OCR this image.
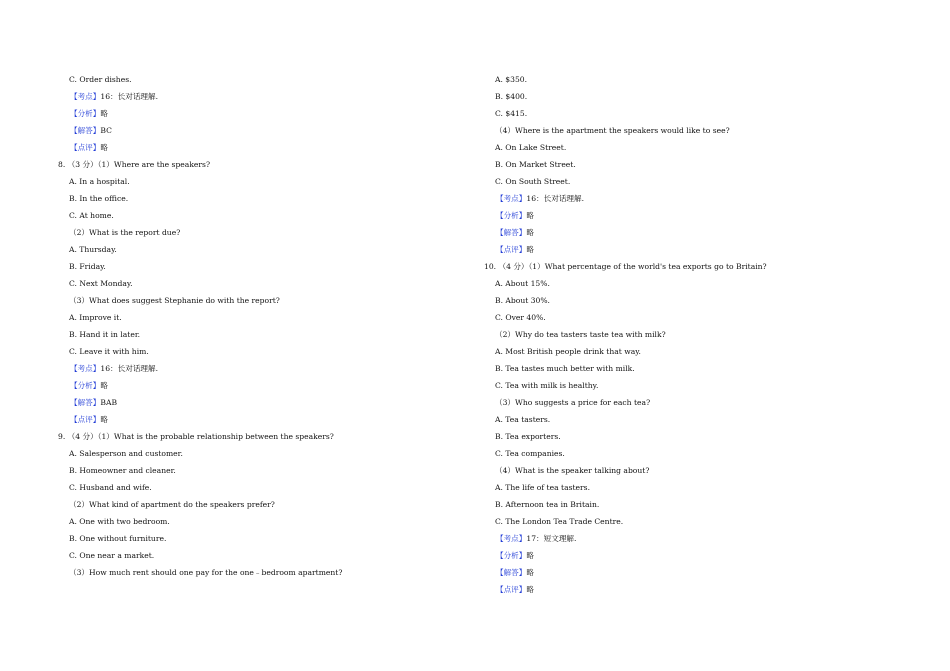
C. Order dishes.
【考点】16：长对话理解.
【分析】略
【解答】BC
【点评】略
8. （3 分）（1）Where are the speakers?
A. In a hospital.
B. In the office.
C. At home.
（2）What is the report due?
A. Thursday.
B. Friday.
C. Next Monday.
（3）What does suggest Stephanie do with the report?
A. Improve it.
B. Hand it in later.
C. Leave it with him.
【考点】16：长对话理解.
【分析】略
【解答】BAB
【点评】略
9. （4 分）（1）What is the probable relationship between the speakers?
A. Salesperson and customer.
B. Homeowner and cleaner.
C. Husband and wife.
（2）What kind of apartment do the speakers prefer?
A. One with two bedroom.
B. One without furniture.
C. One near a market.
（3）How much rent should one pay for the one﹣bedroom apartment?
A. $350.
B. $400.
C. $415.
（4）Where is the apartment the speakers would like to see?
A. On Lake Street.
B. On Market Street.
C. On South Street.
【考点】16：长对话理解.
【分析】略
【解答】略
【点评】略
10. （4 分）（1）What percentage of the world's tea exports go to Britain?
A. About 15%.
B. About 30%.
C. Over 40%.
（2）Why do tea tasters taste tea with milk?
A. Most British people drink that way.
B. Tea tastes much better with milk.
C. Tea with milk is healthy.
（3）Who suggests a price for each tea?
A. Tea tasters.
B. Tea exporters.
C. Tea companies.
（4）What is the speaker talking about?
A. The life of tea tasters.
B. Afternoon tea in Britain.
C. The London Tea Trade Centre.
【考点】17：短文理解.
【分析】略
【解答】略
【点评】略
